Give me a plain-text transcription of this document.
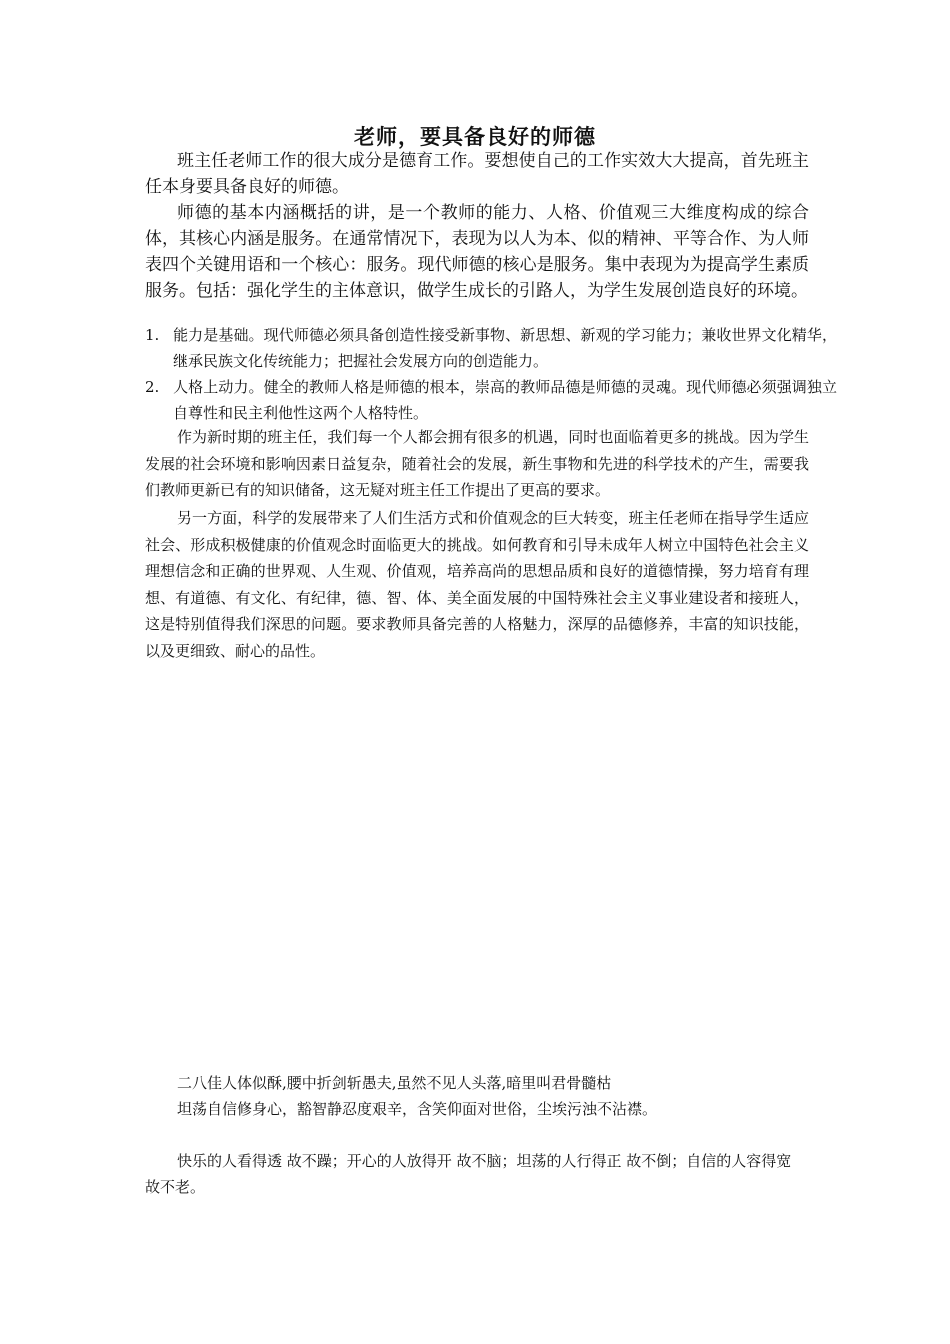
老师，要具备良好的师德

班主任老师工作的很大成分是德育工作。要想使自己的工作实效大大提高，首先班主任本身要具备良好的师德。

师德的基本内涵概括的讲，是一个教师的能力、人格、价值观三大维度构成的综合体，其核心内涵是服务。在通常情况下，表现为以人为本、似的精神、平等合作、为人师表四个关键用语和一个核心：服务。现代师德的核心是服务。集中表现为为提高学生素质服务。包括：强化学生的主体意识，做学生成长的引路人，为学生发展创造良好的环境。

1. 能力是基础。现代师德必须具备创造性接受新事物、新思想、新观的学习能力；兼收世界文化精华，继承民族文化传统能力；把握社会发展方向的创造能力。

2. 人格上动力。健全的教师人格是师德的根本，崇高的教师品德是师德的灵魂。现代师德必须强调独立自尊性和民主利他性这两个人格特性。

作为新时期的班主任，我们每一个人都会拥有很多的机遇，同时也面临着更多的挑战。因为学生发展的社会环境和影响因素日益复杂，随着社会的发展，新生事物和先进的科学技术的产生，需要我们教师更新已有的知识储备，这无疑对班主任工作提出了更高的要求。

另一方面，科学的发展带来了人们生活方式和价值观念的巨大转变，班主任老师在指导学生适应社会、形成积极健康的价值观念时面临更大的挑战。如何教育和引导未成年人树立中国特色社会主义理想信念和正确的世界观、人生观、价值观，培养高尚的思想品质和良好的道德情操，努力培育有理想、有道德、有文化、有纪律，德、智、体、美全面发展的中国特殊社会主义事业建设者和接班人，这是特别值得我们深思的问题。要求教师具备完善的人格魅力，深厚的品德修养，丰富的知识技能，以及更细致、耐心的品性。

二八佳人体似酥,腰中折剑斩愚夫,虽然不见人头落,暗里叫君骨髓枯

坦荡自信修身心，豁智静忍度艰辛，含笑仰面对世俗，尘埃污浊不沾襟。

快乐的人看得透 故不躁；开心的人放得开 故不脑；坦荡的人行得正 故不倒；自信的人容得宽 故不老。
